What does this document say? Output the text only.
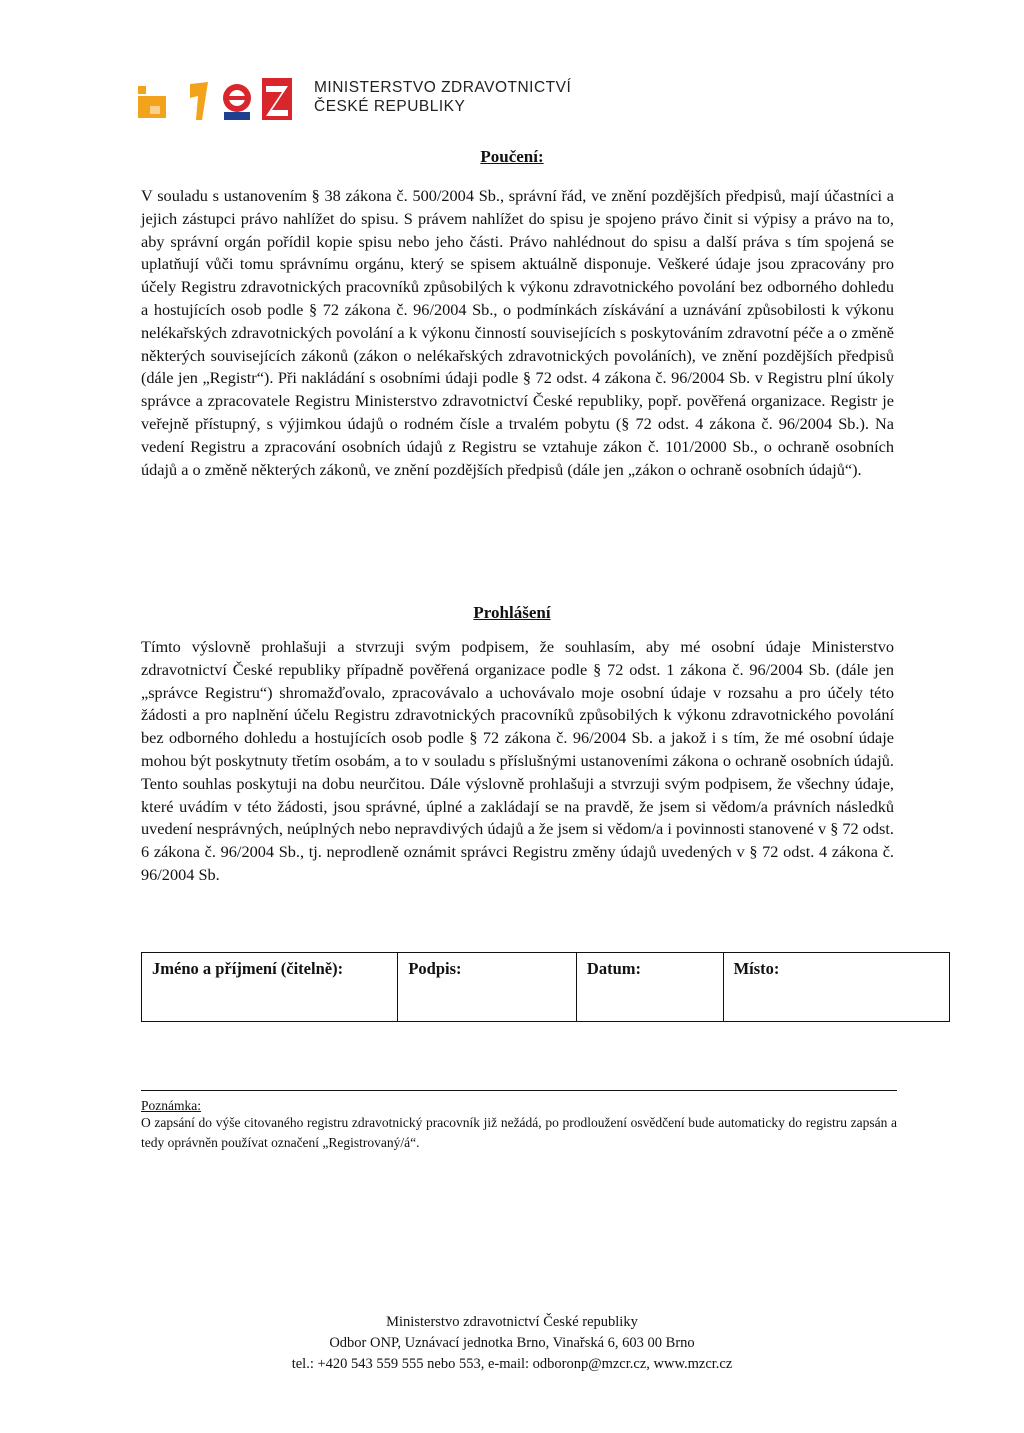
MINISTERSTVO ZDRAVOTNICTVÍ
ČESKÉ REPUBLIKY
Poučení:

V souladu s ustanovením § 38 zákona č. 500/2004 Sb., správní řád, ve znění pozdějších předpisů, mají účastníci a jejich zástupci právo nahlížet do spisu. S právem nahlížet do spisu je spojeno právo činit si výpisy a právo na to, aby správní orgán pořídil kopie spisu nebo jeho části. Právo nahlédnout do spisu a další práva s tím spojená se uplatňují vůči tomu správnímu orgánu, který se spisem aktuálně disponuje. Veškeré údaje jsou zpracovány pro účely Registru zdravotnických pracovníků způsobilých k výkonu zdravotnického povolání bez odborného dohledu a hostujících osob podle § 72 zákona č. 96/2004 Sb., o podmínkách získávání a uznávání způsobilosti k výkonu nelékařských zdravotnických povolání a k výkonu činností souvisejících s poskytováním zdravotní péče a o změně některých souvisejících zákonů (zákon o nelékařských zdravotnických povoláních), ve znění pozdějších předpisů (dále jen „Registr“). Při nakládání s osobními údaji podle § 72 odst. 4 zákona č. 96/2004 Sb. v Registru plní úkoly správce a zpracovatele Registru Ministerstvo zdravotnictví České republiky, popř. pověřená organizace. Registr je veřejně přístupný, s výjimkou údajů o rodném čísle a trvalém pobytu (§ 72 odst. 4 zákona č. 96/2004 Sb.). Na vedení Registru a zpracování osobních údajů z Registru se vztahuje zákon č. 101/2000 Sb., o ochraně osobních údajů a o změně některých zákonů, ve znění pozdějších předpisů (dále jen „zákon o ochraně osobních údajů“).

Prohlášení

Tímto výslovně prohlašuji a stvrzuji svým podpisem, že souhlasím, aby mé osobní údaje Ministerstvo zdravotnictví České republiky případně pověřená organizace podle § 72 odst. 1 zákona č. 96/2004 Sb. (dále jen „správce Registru“) shromažďovalo, zpracovávalo a uchovávalo moje osobní údaje v rozsahu a pro účely této žádosti a pro naplnění účelu Registru zdravotnických pracovníků způsobilých k výkonu zdravotnického povolání bez odborného dohledu a hostujících osob podle § 72 zákona č. 96/2004 Sb. a jakož i s tím, že mé osobní údaje mohou být poskytnuty třetím osobám, a to v souladu s příslušnými ustanoveními zákona o ochraně osobních údajů. Tento souhlas poskytuji na dobu neurčitou. Dále výslovně prohlašuji a stvrzuji svým podpisem, že všechny údaje, které uvádím v této žádosti, jsou správné, úplné a zakládají se na pravdě, že jsem si vědom/a právních následků uvedení nesprávných, neúplných nebo nepravdivých údajů a že jsem si vědom/a i povinnosti stanovené v § 72 odst. 6 zákona č. 96/2004 Sb., tj. neprodleně oznámit správci Registru změny údajů uvedených v § 72 odst. 4 zákona č. 96/2004 Sb.

Jméno a příjmení (čitelně):	Podpis:	Datum:	Místo:
Poznámka:

O zapsání do výše citovaného registru zdravotnický pracovník již nežádá, po prodloužení osvědčení bude automaticky do registru zapsán a tedy oprávněn používat označení „Registrovaný/á“.

Ministerstvo zdravotnictví České republiky
Odbor ONP, Uznávací jednotka Brno, Vinařská 6, 603 00 Brno
tel.: +420 543 559 555 nebo 553, e-mail: odboronp@mzcr.cz, www.mzcr.cz
